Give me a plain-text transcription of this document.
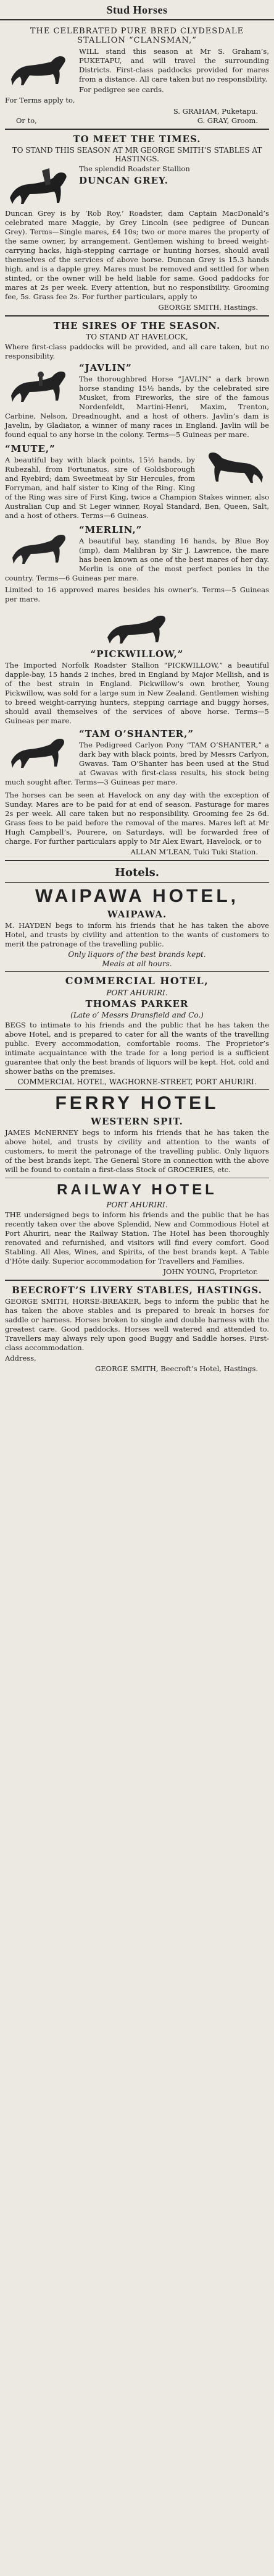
Stud Horses
THE CELEBRATED PURE BRED CLYDESDALE STALLION “CLANSMAN,”
WILL stand this season at Mr S. Graham’s, PUKETAPU, and will travel the surrounding Districts. First-class paddocks provided for mares from a distance. All care taken but no responsibility.
For pedigree see cards.
For Terms apply to,
S. GRAHAM, Puketapu.
Or to,	G. GRAY, Groom.
TO MEET THE TIMES.
TO STAND THIS SEASON AT MR GEORGE SMITH’S STABLES AT HASTINGS.
The splendid Roadster Stallion
DUNCAN GREY.
Duncan Grey is by ‘Rob Roy,’ Roadster, dam Captain MacDonald’s celebrated mare Maggie, by Grey Lincoln (see pedigree of Duncan Grey). Terms—Single mares, £4 10s; two or more mares the property of the same owner, by arrangement. Gentlemen wishing to breed weight-carrying hacks, high-stepping carriage or hunting horses, should avail themselves of the services of above horse. Duncan Grey is 15.3 hands high, and is a dapple grey. Mares must be removed and settled for when stinted, or the owner will be held liable for same. Good paddocks for mares at 2s per week. Every attention, but no responsibility. Grooming fee, 5s. Grass fee 2s. For further particulars, apply to
GEORGE SMITH, Hastings.
THE SIRES OF THE SEASON.
TO STAND AT HAVELOCK,
Where first-class paddocks will be provided, and all care taken, but no responsibility.
“JAVLIN”
The thoroughbred Horse “JAVLIN” a dark brown horse standing 15½ hands, by the celebrated sire Musket, from Fireworks, the sire of the famous Nordenfeldt, Martini-Henri, Maxim, Trenton, Carbine, Nelson, Dreadnought, and a host of others. Javlin’s dam is Javelin, by Gladiator, a winner of many races in England. Javlin will be found equal to any horse in the colony. Terms—5 Guineas per mare.
“MUTE,”
A beautiful bay with black points, 15½ hands, by Rubezahl, from Fortunatus, sire of Goldsborough and Ryebird; dam Sweetmeat by Sir Hercules, from Forryman, and half sister to King of the Ring. King of the Ring was sire of First King, twice a Champion Stakes winner, also Australian Cup and St Leger winner, Royal Standard, Ben, Queen, Salt, and a host of others. Terms—6 Guineas.
“MERLIN,”
A beautiful bay, standing 16 hands, by Blue Boy (imp), dam Malibran by Sir J. Lawrence, the mare has been known as one of the best mares of her day. Merlin is one of the most perfect ponies in the country. Terms—6 Guineas per mare.
Limited to 16 approved mares besides his owner’s. Terms—5 Guineas per mare.
“PICKWILLOW,”
The Imported Norfolk Roadster Stallion “PICKWILLOW,” a beautiful dapple-bay, 15 hands 2 inches, bred in England by Major Mellish, and is of the best strain in England. Pickwillow’s own brother, Young Pickwillow, was sold for a large sum in New Zealand. Gentlemen wishing to breed weight-carrying hunters, stepping carriage and buggy horses, should avail themselves of the services of above horse. Terms—5 Guineas per mare.
“TAM O’SHANTER,”
The Pedigreed Carlyon Pony “TAM O’SHANTER,” a dark bay with black points, bred by Messrs Carlyon, Gwavas. Tam O’Shanter has been used at the Stud at Gwavas with first-class results, his stock being much sought after. Terms—3 Guineas per mare.
The horses can be seen at Havelock on any day with the exception of Sunday. Mares are to be paid for at end of season. Pasturage for mares 2s per week. All care taken but no responsibility. Grooming fee 2s 6d. Grass fees to be paid before the removal of the mares. Mares left at Mr Hugh Campbell’s, Pourere, on Saturdays, will be forwarded free of charge. For further particulars apply to Mr Alex Ewart, Havelock, or to
ALLAN M’LEAN, Tuki Tuki Station.
Hotels.
WAIPAWA HOTEL,
WAIPAWA.
M. HAYDEN begs to inform his friends that he has taken the above Hotel, and trusts by civility and attention to the wants of customers to merit the patronage of the travelling public.
Only liquors of the best brands kept.
Meals at all hours.
COMMERCIAL HOTEL,
PORT AHURIRI.
THOMAS PARKER
(Late o’ Messrs Dransfield and Co.)
BEGS to intimate to his friends and the public that he has taken the above Hotel, and is prepared to cater for all the wants of the travelling public. Every accommodation, comfortable rooms. The Proprietor’s intimate acquaintance with the trade for a long period is a sufficient guarantee that only the best brands of liquors will be kept. Hot, cold and shower baths on the premises.
COMMERCIAL HOTEL, WAGHORNE-STREET, PORT AHURIRI.
FERRY HOTEL
WESTERN SPIT.
JAMES McNERNEY begs to inform his friends that he has taken the above hotel, and trusts by civility and attention to the wants of customers, to merit the patronage of the travelling public. Only liquors of the best brands kept. The General Store in connection with the above will be found to contain a first-class Stock of GROCERIES, etc.
RAILWAY HOTEL
PORT AHURIRI.
THE undersigned begs to inform his friends and the public that he has recently taken over the above Splendid, New and Commodious Hotel at Port Ahuriri, near the Railway Station. The Hotel has been thoroughly renovated and refurnished, and visitors will find every comfort. Good Stabling. All Ales, Wines, and Spirits, of the best brands kept. A Table d’Hôte daily. Superior accommodation for Travellers and Families.
JOHN YOUNG, Proprietor.
BEECROFT’S LIVERY STABLES, HASTINGS.
GEORGE SMITH, HORSE-BREAKER, begs to inform the public that he has taken the above stables and is prepared to break in horses for saddle or harness. Horses broken to single and double harness with the greatest care. Good paddocks. Horses well watered and attended to. Travellers may always rely upon good Buggy and Saddle horses. First-class accommodation.
Address,
GEORGE SMITH, Beecroft’s Hotel, Hastings.
